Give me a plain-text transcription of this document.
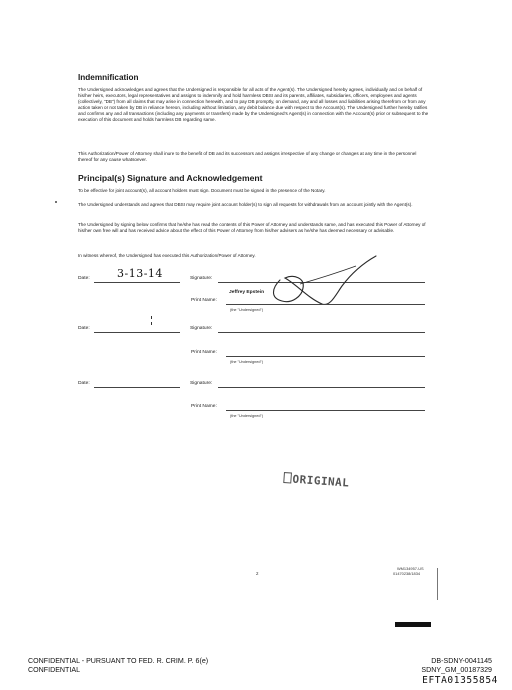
Indemnification
The Undersigned acknowledges and agrees that the Undersigned is responsible for all acts of the Agent(s). The Undersigned hereby agrees, individually and on behalf of his/her heirs, executors, legal representatives and assigns to indemnify and hold harmless DBSI and its parents, affiliates, subsidiaries, officers, employees and agents (collectively, "DB") from all claims that may arise in connection herewith, and to pay DB promptly, on demand, any and all losses and liabilities arising therefrom or from any action taken or not taken by DB in reliance hereon, including without limitation, any debit balance due with respect to the Account(s). The Undersigned further hereby ratifies and confirms any and all transactions (including any payments or transfers) made by the Undersigned's Agent(s) in connection with the Account(s) prior or subsequent to the execution of this document and holds harmless DB regarding same.
This Authorization/Power of Attorney shall inure to the benefit of DB and its successors and assigns irrespective of any change or changes at any time in the personnel thereof for any cause whatsoever.
Principal(s) Signature and Acknowledgement
To be effective for joint account(s), all account holders must sign. Document must be signed in the presence of the Notary.
The Undersigned understands and agrees that DBSI may require joint account holder(s) to sign all requests for withdrawals from an account jointly with the Agent(s).
The Undersigned by signing below confirms that he/she has read the contents of this Power of Attorney and understands same, and has executed this Power of Attorney of his/her own free will and has received advice about the effect of this Power of Attorney from his/her advisers as he/she has deemed necessary or advisable.
In witness whereof, the Undersigned has executed this Authorization/Power of Attorney.
Date: 3-13-14	Signature:
Print Name:
Jeffrey Epstein
(the "Undersigned")
Date:	Signature:
Print Name:
(the "Undersigned")
Date:	Signature:
Print Name:
(the "Undersigned")
ORIGINAL
2
WM134957-US
01470238/1834
CONFIDENTIAL - PURSUANT TO FED. R. CRIM. P. 6(e)
CONFIDENTIAL
DB-SDNY-0041145
SDNY_GM_00187329
EFTA01355854
